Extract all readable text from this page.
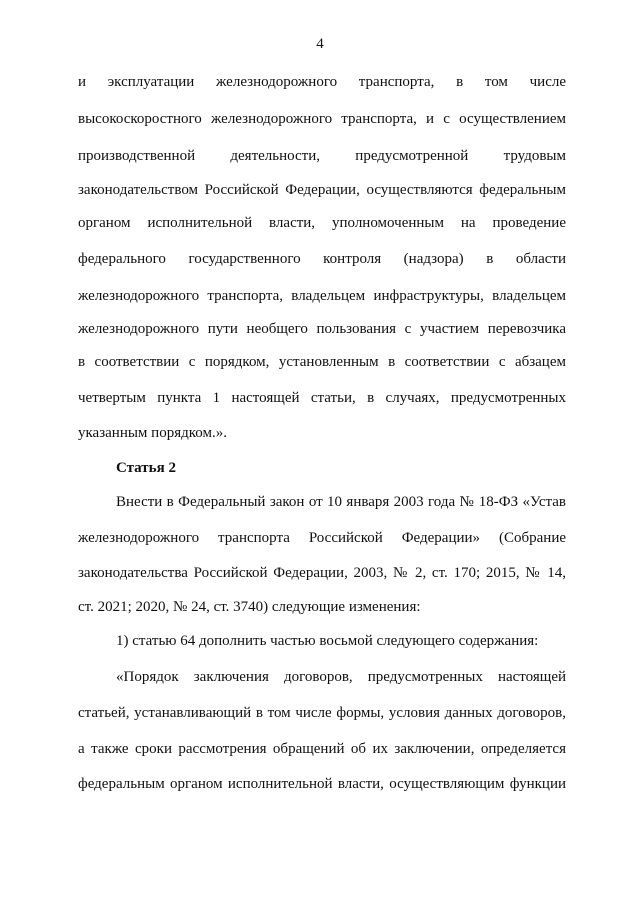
4
и эксплуатации железнодорожного транспорта, в том числе
высокоскоростного железнодорожного транспорта, и с осуществлением
производственной деятельности, предусмотренной трудовым
законодательством Российской Федерации, осуществляются федеральным
органом исполнительной власти, уполномоченным на проведение
федерального государственного контроля (надзора) в области
железнодорожного транспорта, владельцем инфраструктуры, владельцем
железнодорожного пути необщего пользования с участием перевозчика
в соответствии с порядком, установленным в соответствии с абзацем
четвертым пункта 1 настоящей статьи, в случаях, предусмотренных
указанным порядком.».
Статья 2
Внести в Федеральный закон от 10 января 2003 года № 18-ФЗ «Устав
железнодорожного транспорта Российской Федерации» (Собрание
законодательства Российской Федерации, 2003, № 2, ст. 170; 2015, № 14,
ст. 2021; 2020, № 24, ст. 3740) следующие изменения:
1) статью 64 дополнить частью восьмой следующего содержания:
«Порядок заключения договоров, предусмотренных настоящей
статьей, устанавливающий в том числе формы, условия данных договоров,
а также сроки рассмотрения обращений об их заключении, определяется
федеральным органом исполнительной власти, осуществляющим функции
